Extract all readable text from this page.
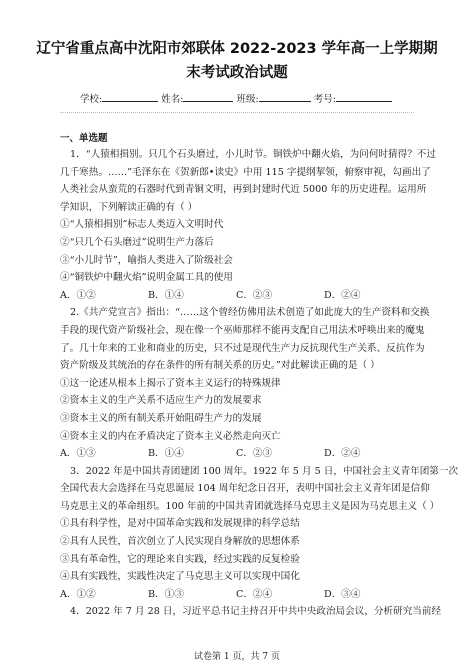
辽宁省重点高中沈阳市郊联体 2022-2023 学年高一上学期期
末考试政治试题
学校:	姓名:	班级:	考号:
一、单选题
1．“人猿相揖别。只几个石头磨过，小儿时节。铜铁炉中翻火焰，为问何时猜得？不过
几千寒热。……”毛泽东在《贺新郎•读史》中用 115 字提纲挈领，俯察审视，勾画出了
人类社会从蛮荒的石器时代到青铜文明，再到封建时代近 5000 年的历史进程。运用所
学知识，下列解读正确的有（ ）
①“人猿相揖别”标志人类迈入文明时代
②“只几个石头磨过”说明生产力落后
③“小儿时节”，喻指人类进入了阶级社会
④“铜铁炉中翻火焰”说明金属工具的使用
A．①②	B．①④	C．②③	D．②④
2.《共产党宣言》指出：“……这个曾经仿佛用法术创造了如此庞大的生产资料和交换
手段的现代资产阶级社会，现在像一个巫师那样不能再支配自己用法术呼唤出来的魔鬼
了。几十年来的工业和商业的历史，只不过是现代生产力反抗现代生产关系、反抗作为
资产阶级及其统治的存在条件的所有制关系的历史。”对此解读正确的是（ ）
①这一论述从根本上揭示了资本主义运行的特殊规律
②资本主义的生产关系不适应生产力的发展要求
③资本主义的所有制关系开始阻碍生产力的发展
④资本主义的内在矛盾决定了资本主义必然走向灭亡
A．①③	B．①④	C．②③	D．②④
3．2022 年是中国共青团建团 100 周年。1922 年 5 月 5 日，中国社会主义青年团第一次
全国代表大会选择在马克思诞辰 104 周年纪念日召开，表明中国社会主义青年团是信仰
马克思主义的革命组织。100 年前的中国共青团就选择马克思主义是因为马克思主义（ ）
①具有科学性，是对中国革命实践和发展规律的科学总结
②具有人民性，首次创立了人民实现自身解放的思想体系
③具有革命性，它的理论来自实践，经过实践的反复检验
④具有实践性，实践性决定了马克思主义可以实现中国化
A．①②	B．①③	C．②④	D．③④
4．2022 年 7 月 28 日，习近平总书记主持召开中共中央政治局会议，分析研究当前经
试卷第 1 页，共 7 页
